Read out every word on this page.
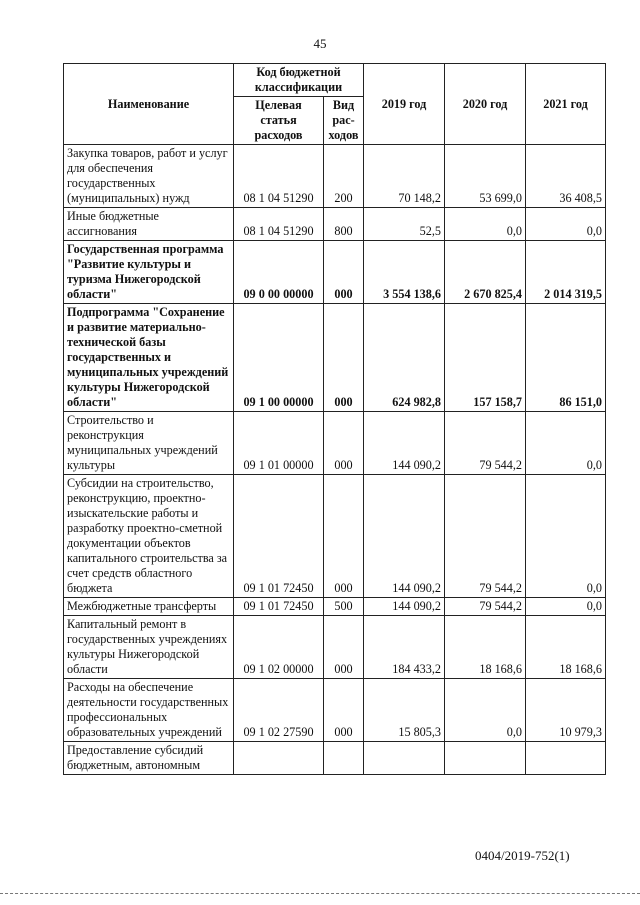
45
Наименование	Код бюджетной классификации		2019 год	2020 год	2021 год
	Целевая статья расходов	Вид рас-ходов			
Закупка товаров, работ и услуг для обеспечения государственных (муниципальных) нужд	08 1 04 51290	200	70 148,2	53 699,0	36 408,5
Иные бюджетные ассигнования	08 1 04 51290	800	52,5	0,0	0,0
Государственная программа "Развитие культуры и туризма Нижегородской области"	09 0 00 00000	000	3 554 138,6	2 670 825,4	2 014 319,5
Подпрограмма "Сохранение и развитие материально-технической базы государственных и муниципальных учреждений культуры Нижегородской области"	09 1 00 00000	000	624 982,8	157 158,7	86 151,0
Строительство и реконструкция муниципальных учреждений культуры	09 1 01 00000	000	144 090,2	79 544,2	0,0
Субсидии на строительство, реконструкцию, проектно-изыскательские работы и разработку проектно-сметной документации объектов капитального строительства за счет средств областного бюджета	09 1 01 72450	000	144 090,2	79 544,2	0,0
Межбюджетные трансферты	09 1 01 72450	500	144 090,2	79 544,2	0,0
Капитальный ремонт в государственных учреждениях культуры Нижегородской области	09 1 02 00000	000	184 433,2	18 168,6	18 168,6
Расходы на обеспечение деятельности государственных профессиональных образовательных учреждений	09 1 02 27590	000	15 805,3	0,0	10 979,3
Предоставление субсидий бюджетным, автономным					
0404/2019-752(1)
